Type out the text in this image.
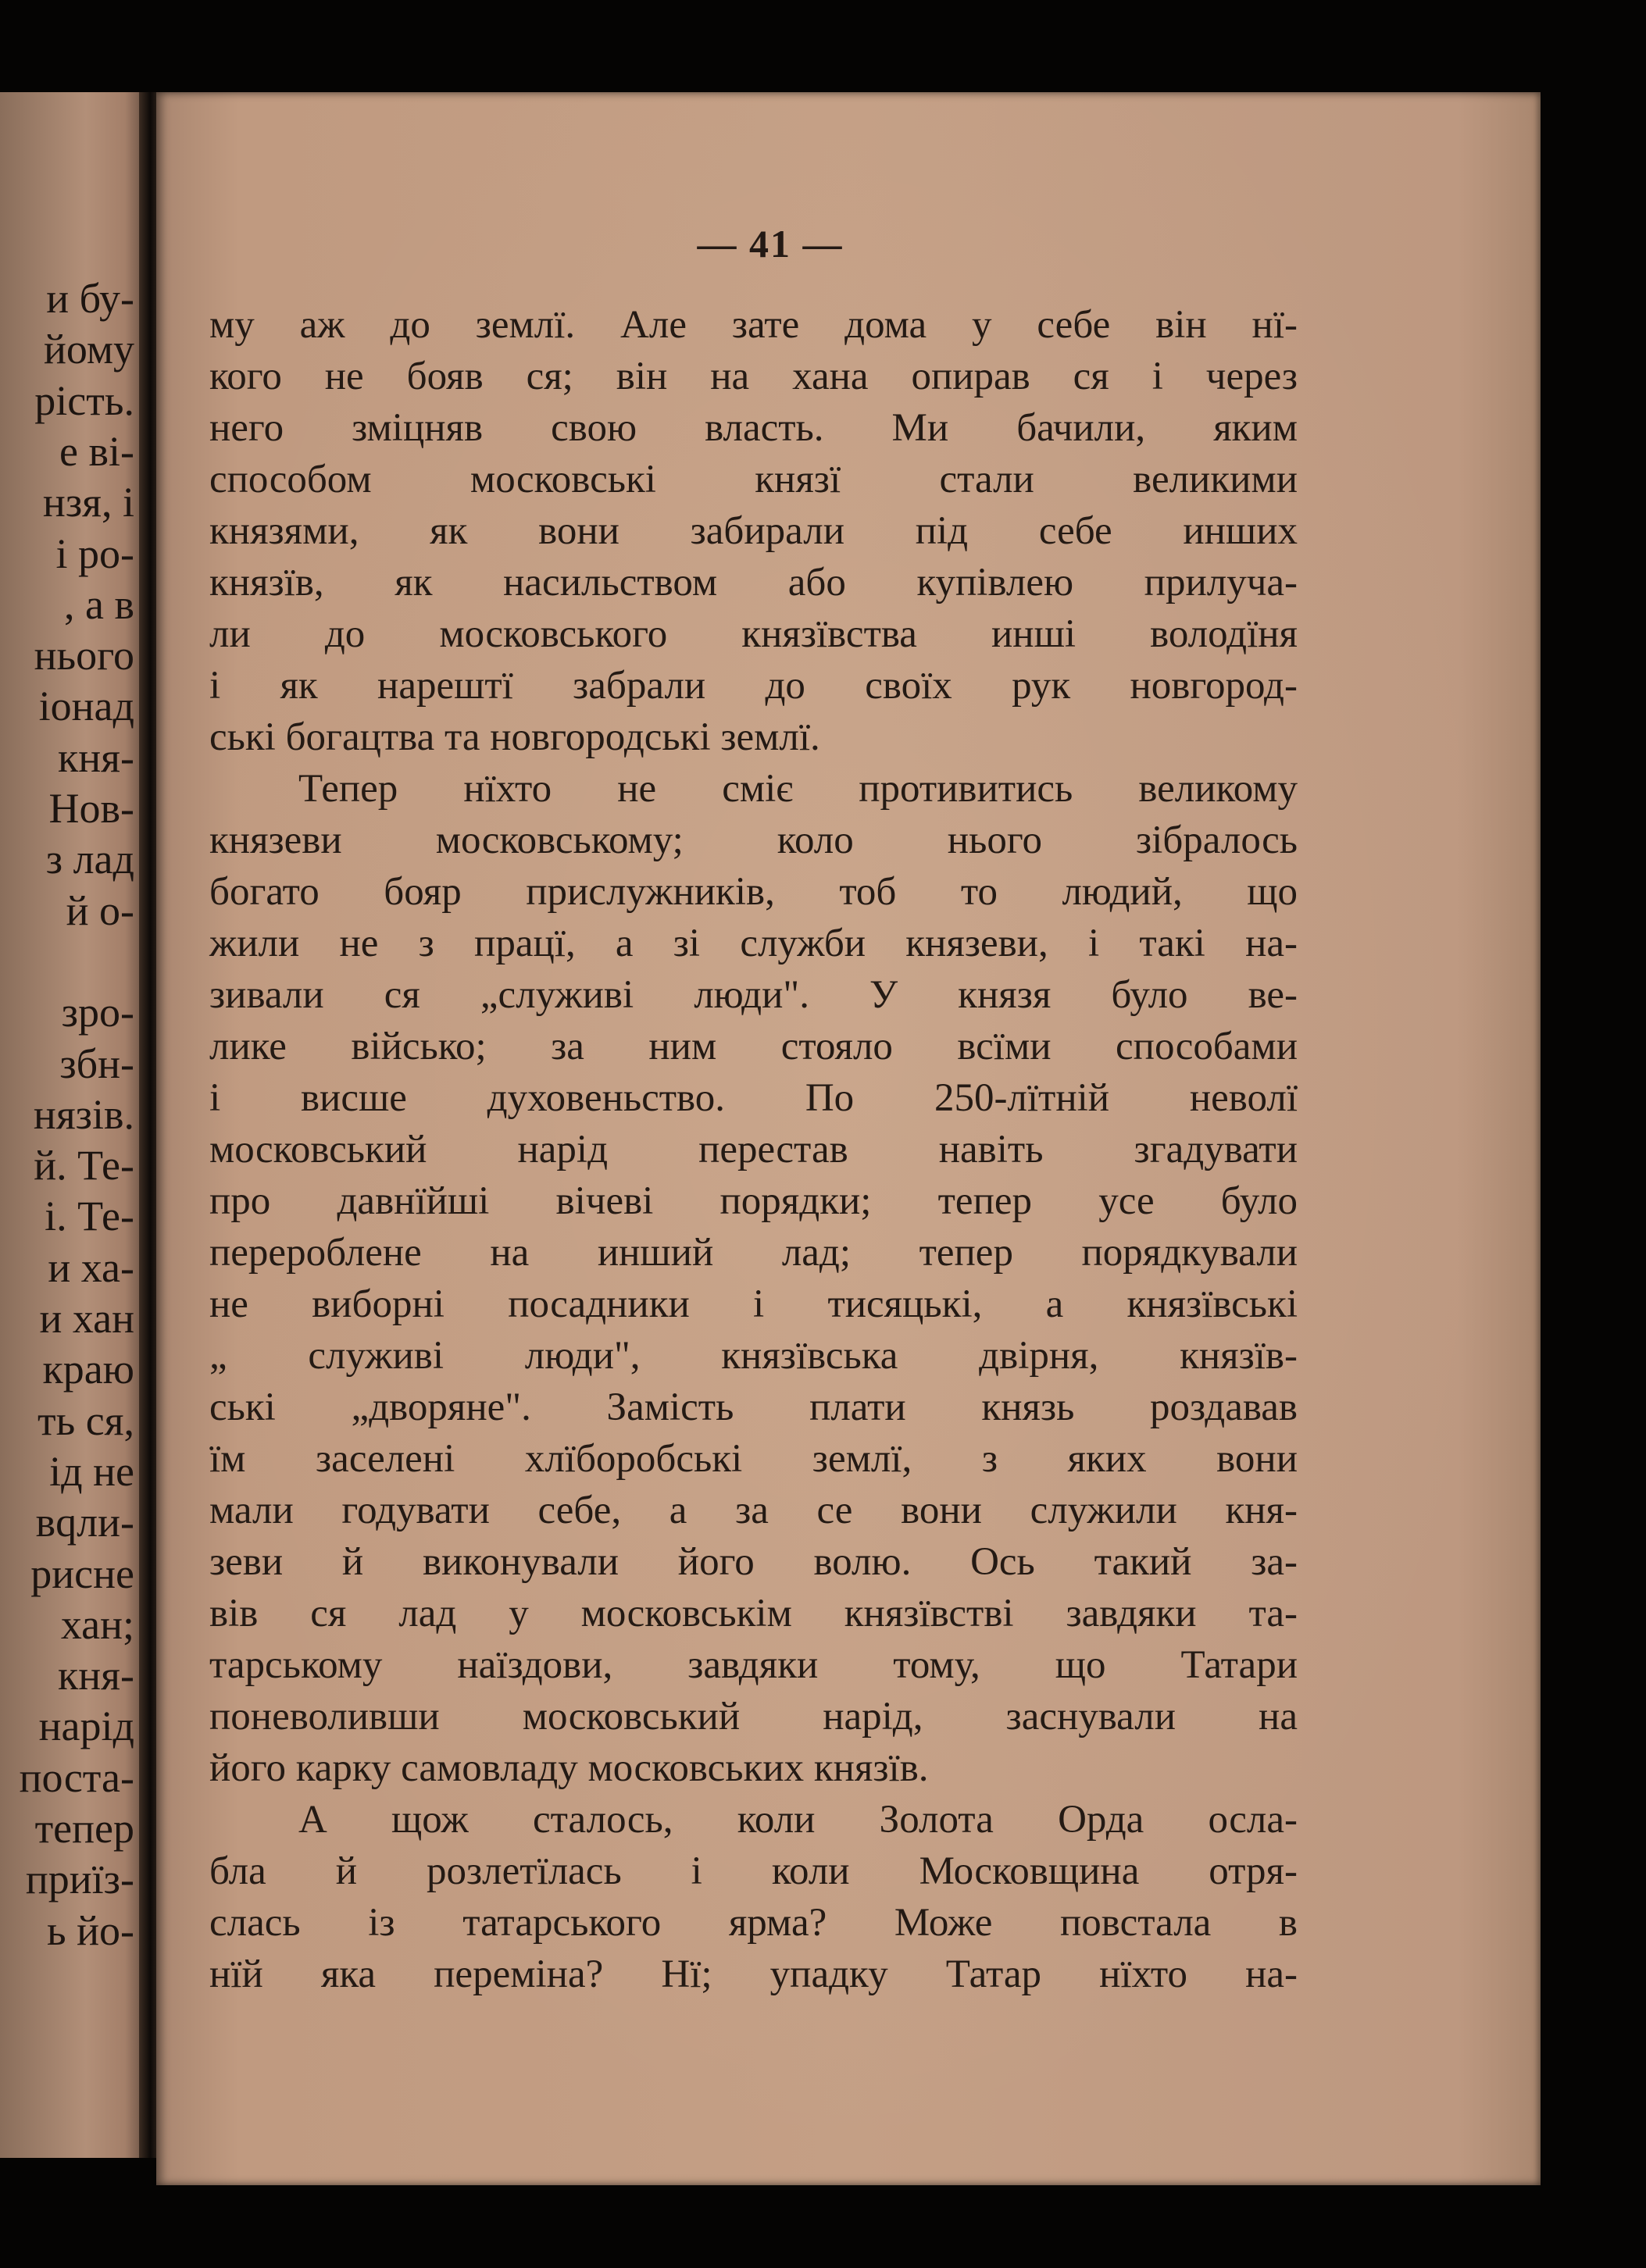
и бу-
йому
рість.
е ві-
нзя, і
і ро-
, а в
нього
іонад
кня-
Нов-
з лад
й о-
зро-
збн-
нязів.
й. Те-
і. Те-
и ха-
и хан
краю
ть ся,
ід не
вqли-
рисне
хан;
кня-
нарід
поста-
тепер
приїз-
ь йо-
— 41 —
му аж до землї. Але зате дома у себе він нї-
кого не бояв ся; він на хана опирав ся і через
него зміцняв свою власть. Ми бачили, яким
способом московські князї стали великими
князями, як вони забирали під себе инших
князїв, як насильством або купівлею прилуча-
ли до московського князївства инші володїня
і як нарештї забрали до своїх рук новгород-
ські богацтва та новгородські землї.
Тепер нїхто не сміє противитись великому
князеви московському; коло нього зібралось
богато бояр прислужників, тоб то людий, що
жили не з працї, а зі служби князеви, і такі на-
зивали ся „служиві люди". У князя було ве-
лике військо; за ним стояло всїми способами
і висше духовеньство. По 250-лїтній неволї
московський нарід перестав навіть згадувати
про давнїйші вічеві порядки; тепер усе було
перероблене на инший лад; тепер порядкували
не виборні посадники і тисяцькі, а князївські
„ служиві люди", князївська двірня, князїв-
ські „дворяне". Замість плати князь роздавав
їм заселені хлїборобські землї, з яких вони
мали годувати себе, а за се вони служили кня-
зеви й виконували його волю. Ось такий за-
вів ся лад у московськім князївстві завдяки та-
тарському наїздови, завдяки тому, що Татари
поневоливши московський нарід, заснували на
його карку самовладу московських князїв.
А щож сталось, коли Золота Орда осла-
бла й розлетїлась і коли Московщина отря-
слась із татарського ярма? Може повстала в
нїй яка переміна? Нї; упадку Татар нїхто на-
